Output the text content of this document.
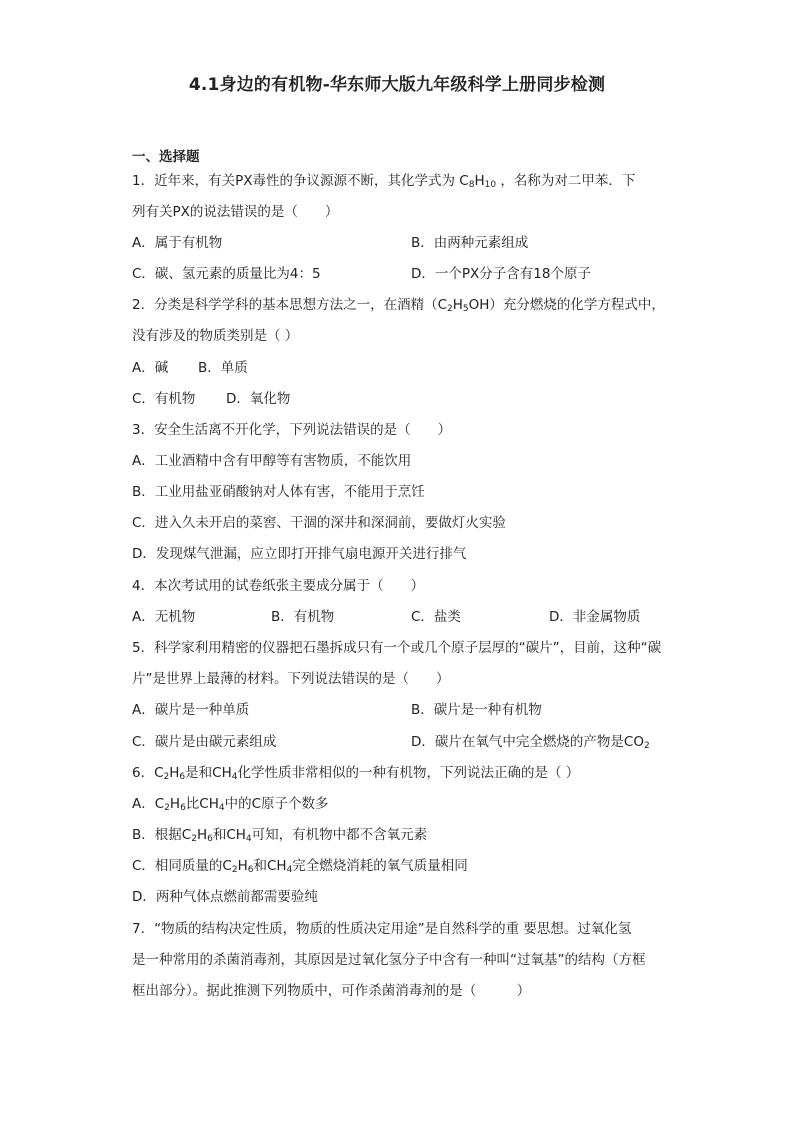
4.1身边的有机物-华东师大版九年级科学上册同步检测
一、选择题
1．近年来，有关PX毒性的争议源源不断，其化学式为 $C_8H_{10}$ ，名称为对二甲苯．下
列有关PX的说法错误的是（　　）
A．属于有机物	B．由两种元素组成
C．碳、氢元素的质量比为4：5	D．一个PX分子含有18个原子
2．分类是科学学科的基本思想方法之一，在酒精$(C_2H_5OH)$充分燃烧的化学方程式中，
没有涉及的物质类别是（ ）
A．碱 B．单质
C．有机物 D．氧化物
3．安全生活离不开化学，下列说法错误的是（　　）
A．工业酒精中含有甲醇等有害物质，不能饮用
B．工业用盐亚硝酸钠对人体有害，不能用于烹饪
C．进入久未开启的菜窖、干涸的深井和深洞前，要做灯火实验
D．发现煤气泄漏，应立即打开排气扇电源开关进行排气
4．本次考试用的试卷纸张主要成分属于（　　）
A．无机物	B．有机物	C．盐类	D．非金属物质
5．科学家利用精密的仪器把石墨拆成只有一个或几个原子层厚的“碳片”，目前，这种“碳
片”是世界上最薄的材料。下列说法错误的是（　　）
A．碳片是一种单质	B．碳片是一种有机物
C．碳片是由碳元素组成	D．碳片在氧气中完全燃烧的产物是$CO_2$
6．$C_2H_6$是和$CH_4$化学性质非常相似的一种有机物，下列说法正确的是（ ）
A．$C_2H_6$比$CH_4$中的C原子个数多
B．根据$C_2H_6$和$CH_4$可知，有机物中都不含氧元素
C．相同质量的$C_2H_6$和$CH_4$完全燃烧消耗的氧气质量相同
D．两种气体点燃前都需要验纯
7．“物质的结构决定性质，物质的性质决定用途”是自然科学的重 要思想。过氧化氢
是一种常用的杀菌消毒剂，其原因是过氧化氢分子中含有一种叫“过氧基”的结构（方框
框出部分）。据此推测下列物质中，可作杀菌消毒剂的是（　　　）
